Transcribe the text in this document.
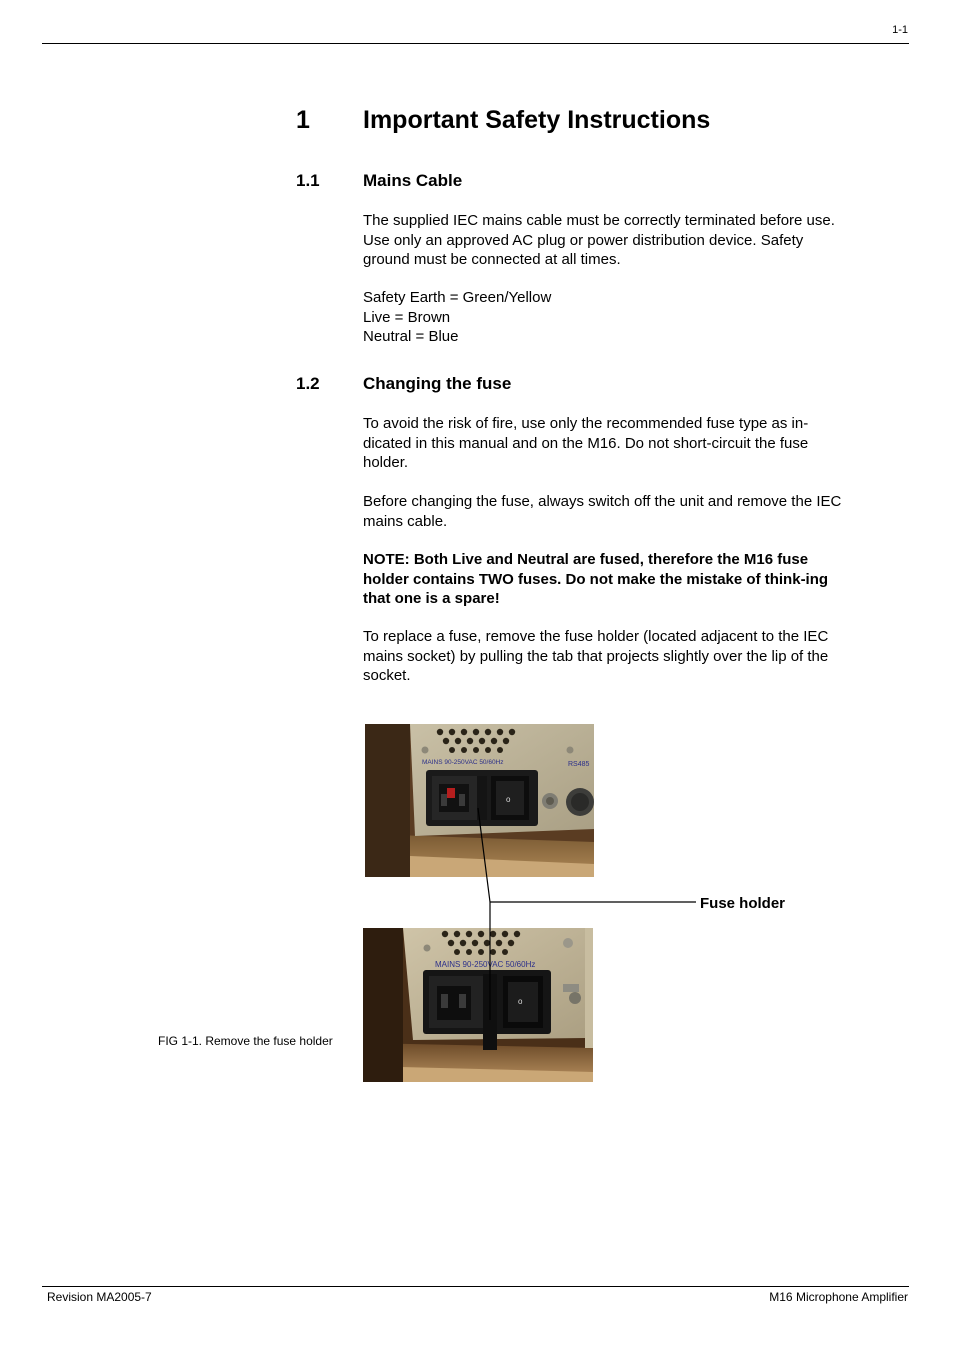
1-1
1 Important Safety Instructions
1.1	Mains Cable
The supplied IEC mains cable must be correctly terminated before use. Use only an approved AC plug or power distribution device. Safety ground must be connected at all times.
Safety Earth = Green/Yellow
Live = Brown
Neutral = Blue
1.2	Changing the fuse
To avoid the risk of fire, use only the recommended fuse type as in-dicated in this manual and on the M16. Do not short-circuit the fuse holder.
Before changing the fuse, always switch off the unit and remove the IEC mains cable.
NOTE: Both Live and Neutral are fused, therefore the M16 fuse holder contains TWO fuses. Do not make the mistake of think-ing that one is a spare!
To replace a fuse, remove the fuse holder (located adjacent to the IEC mains socket) by pulling the tab that projects slightly over the lip of the socket.
MAINS 90-250VAC 50/60Hz	RS485
o
MAINS 90-250VAC 50/60Hz
o
Fuse holder
FIG 1-1. Remove the fuse holder
Revision MA2005-7	M16 Microphone Amplifier
